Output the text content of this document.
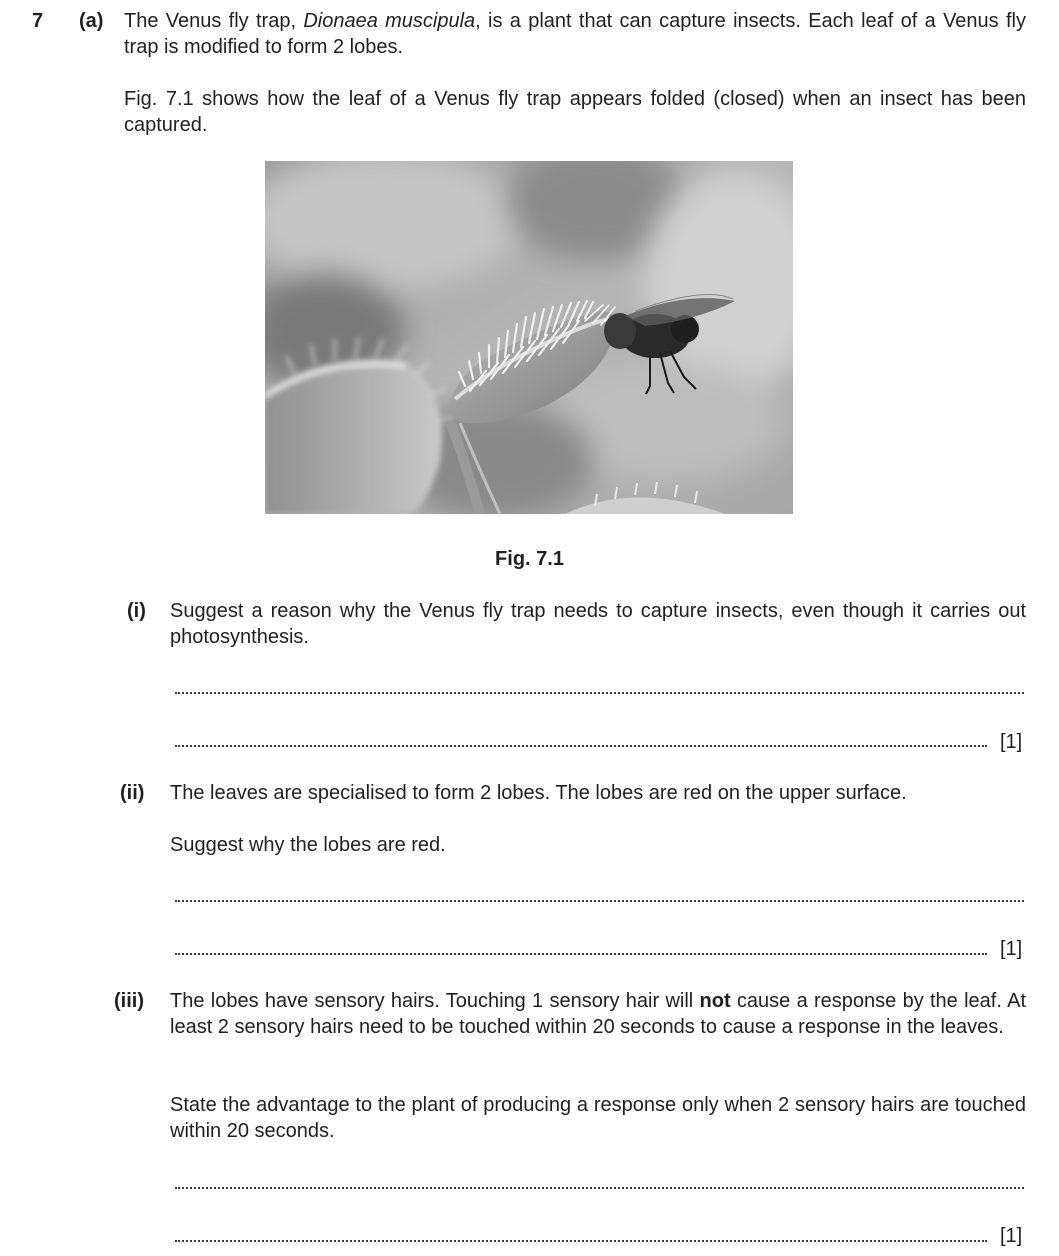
7 (a) The Venus fly trap, Dionaea muscipula, is a plant that can capture insects. Each leaf of a Venus fly trap is modified to form 2 lobes.
Fig. 7.1 shows how the leaf of a Venus fly trap appears folded (closed) when an insect has been captured.
Fig. 7.1
(i) Suggest a reason why the Venus fly trap needs to capture insects, even though it carries out photosynthesis.
[1]
(ii) The leaves are specialised to form 2 lobes. The lobes are red on the upper surface.
Suggest why the lobes are red.
[1]
(iii) The lobes have sensory hairs. Touching 1 sensory hair will not cause a response by the leaf. At least 2 sensory hairs need to be touched within 20 seconds to cause a response in the leaves.
State the advantage to the plant of producing a response only when 2 sensory hairs are touched within 20 seconds.
[1]
